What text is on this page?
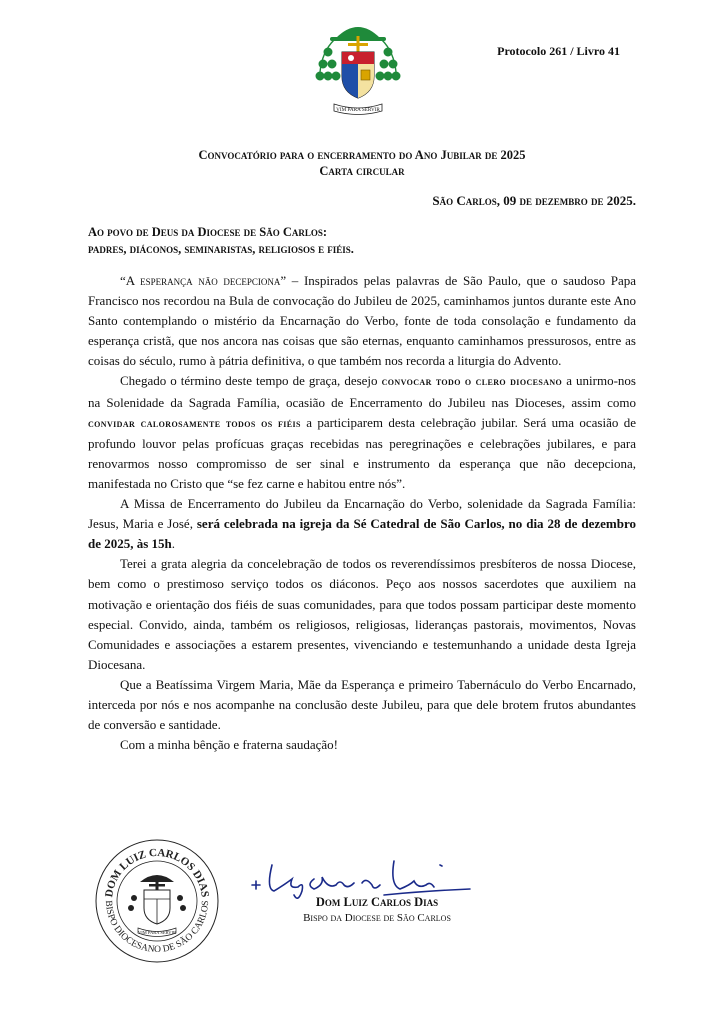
VIM PARA SERVIR
Protocolo 261 / Livro 41
Convocatório para o encerramento do Ano Jubilar de 2025
Carta circular
São Carlos, 09 de dezembro de 2025.
Ao povo de Deus da Diocese de São Carlos:
padres, diáconos, seminaristas, religiosos e fiéis.

“A esperança não decepciona” – Inspirados pelas palavras de São Paulo, que o saudoso Papa Francisco nos recordou na Bula de convocação do Jubileu de 2025, caminhamos juntos durante este Ano Santo contemplando o mistério da Encarnação do Verbo, fonte de toda consolação e fundamento da esperança cristã, que nos ancora nas coisas que são eternas, enquanto caminhamos pressurosos, entre as coisas do século, rumo à pátria definitiva, o que também nos recorda a liturgia do Advento.

Chegado o término deste tempo de graça, desejo convocar todo o clero diocesano a unirmo-nos na Solenidade da Sagrada Família, ocasião de Encerramento do Jubileu nas Dioceses, assim como convidar calorosamente todos os fiéis a participarem desta celebração jubilar. Será uma ocasião de profundo louvor pelas profícuas graças recebidas nas peregrinações e celebrações jubilares, e para renovarmos nosso compromisso de ser sinal e instrumento da esperança que não decepciona, manifestada no Cristo que “se fez carne e habitou entre nós”.

A Missa de Encerramento do Jubileu da Encarnação do Verbo, solenidade da Sagrada Família: Jesus, Maria e José, será celebrada na igreja da Sé Catedral de São Carlos, no dia 28 de dezembro de 2025, às 15h.

Terei a grata alegria da concelebração de todos os reverendíssimos presbíteros de nossa Diocese, bem como o prestimoso serviço todos os diáconos. Peço aos nossos sacerdotes que auxiliem na motivação e orientação dos fiéis de suas comunidades, para que todos possam participar deste momento especial. Convido, ainda, também os religiosos, religiosas, lideranças pastorais, movimentos, Novas Comunidades e associações a estarem presentes, vivenciando e testemunhando a unidade desta Igreja Diocesana.

Que a Beatíssima Virgem Maria, Mãe da Esperança e primeiro Tabernáculo do Verbo Encarnado, interceda por nós e nos acompanhe na conclusão deste Jubileu, para que dele brotem frutos abundantes de conversão e santidade.

Com a minha bênção e fraterna saudação!

DOM LUIZ CARLOS DIAS
BISPO DIOCESANO DE SÃO CARLOS
VIM PARA SERVIR
Dom Luiz Carlos Dias
Bispo da Diocese de São Carlos
